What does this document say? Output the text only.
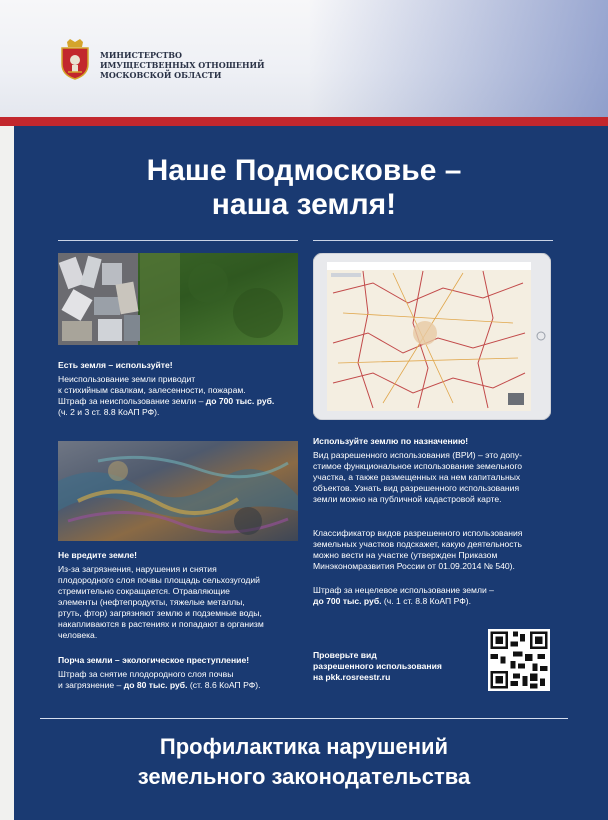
МИНИСТЕРСТВО
ИМУЩЕСТВЕННЫХ ОТНОШЕНИЙ
МОСКОВСКОЙ ОБЛАСТИ
Наше Подмосковье –
наша земля!
Есть земля – используйте!
Неиспользование земли приводит
к стихийным свалкам, залесенности, пожарам.
Штраф за неиспользование земли – до 700 тыс. руб.
(ч. 2 и 3 ст. 8.8 КоАП РФ).
Не вредите земле!
Из-за загрязнения, нарушения и снятия
плодородного слоя почвы площадь сельхозугодий
стремительно сокращается. Отравляющие
элементы (нефтепродукты, тяжелые металлы,
ртуть, фтор) загрязняют землю и подземные воды,
накапливаются в растениях и попадают в организм
человека.
Порча земли – экологическое преступление!
Штраф за снятие плодородного слоя почвы
и загрязнение – до 80 тыс. руб. (ст. 8.6 КоАП РФ).
Используйте землю по назначению!
Вид разрешенного использования (ВРИ) – это допу-
стимое функциональное использование земельного
участка, а также размещенных на нем капитальных
объектов. Узнать вид разрешенного использования
земли можно на публичной кадастровой карте.
Классификатор видов разрешенного использования
земельных участков подскажет, какую деятельность
можно вести на участке (утвержден Приказом
Минэкономразвития России от 01.09.2014 № 540).
Штраф за нецелевое использование земли –
до 700 тыс. руб. (ч. 1 ст. 8.8 КоАП РФ).
Проверьте вид
разрешенного использования
на pkk.rosreestr.ru
Профилактика нарушений
земельного законодательства
